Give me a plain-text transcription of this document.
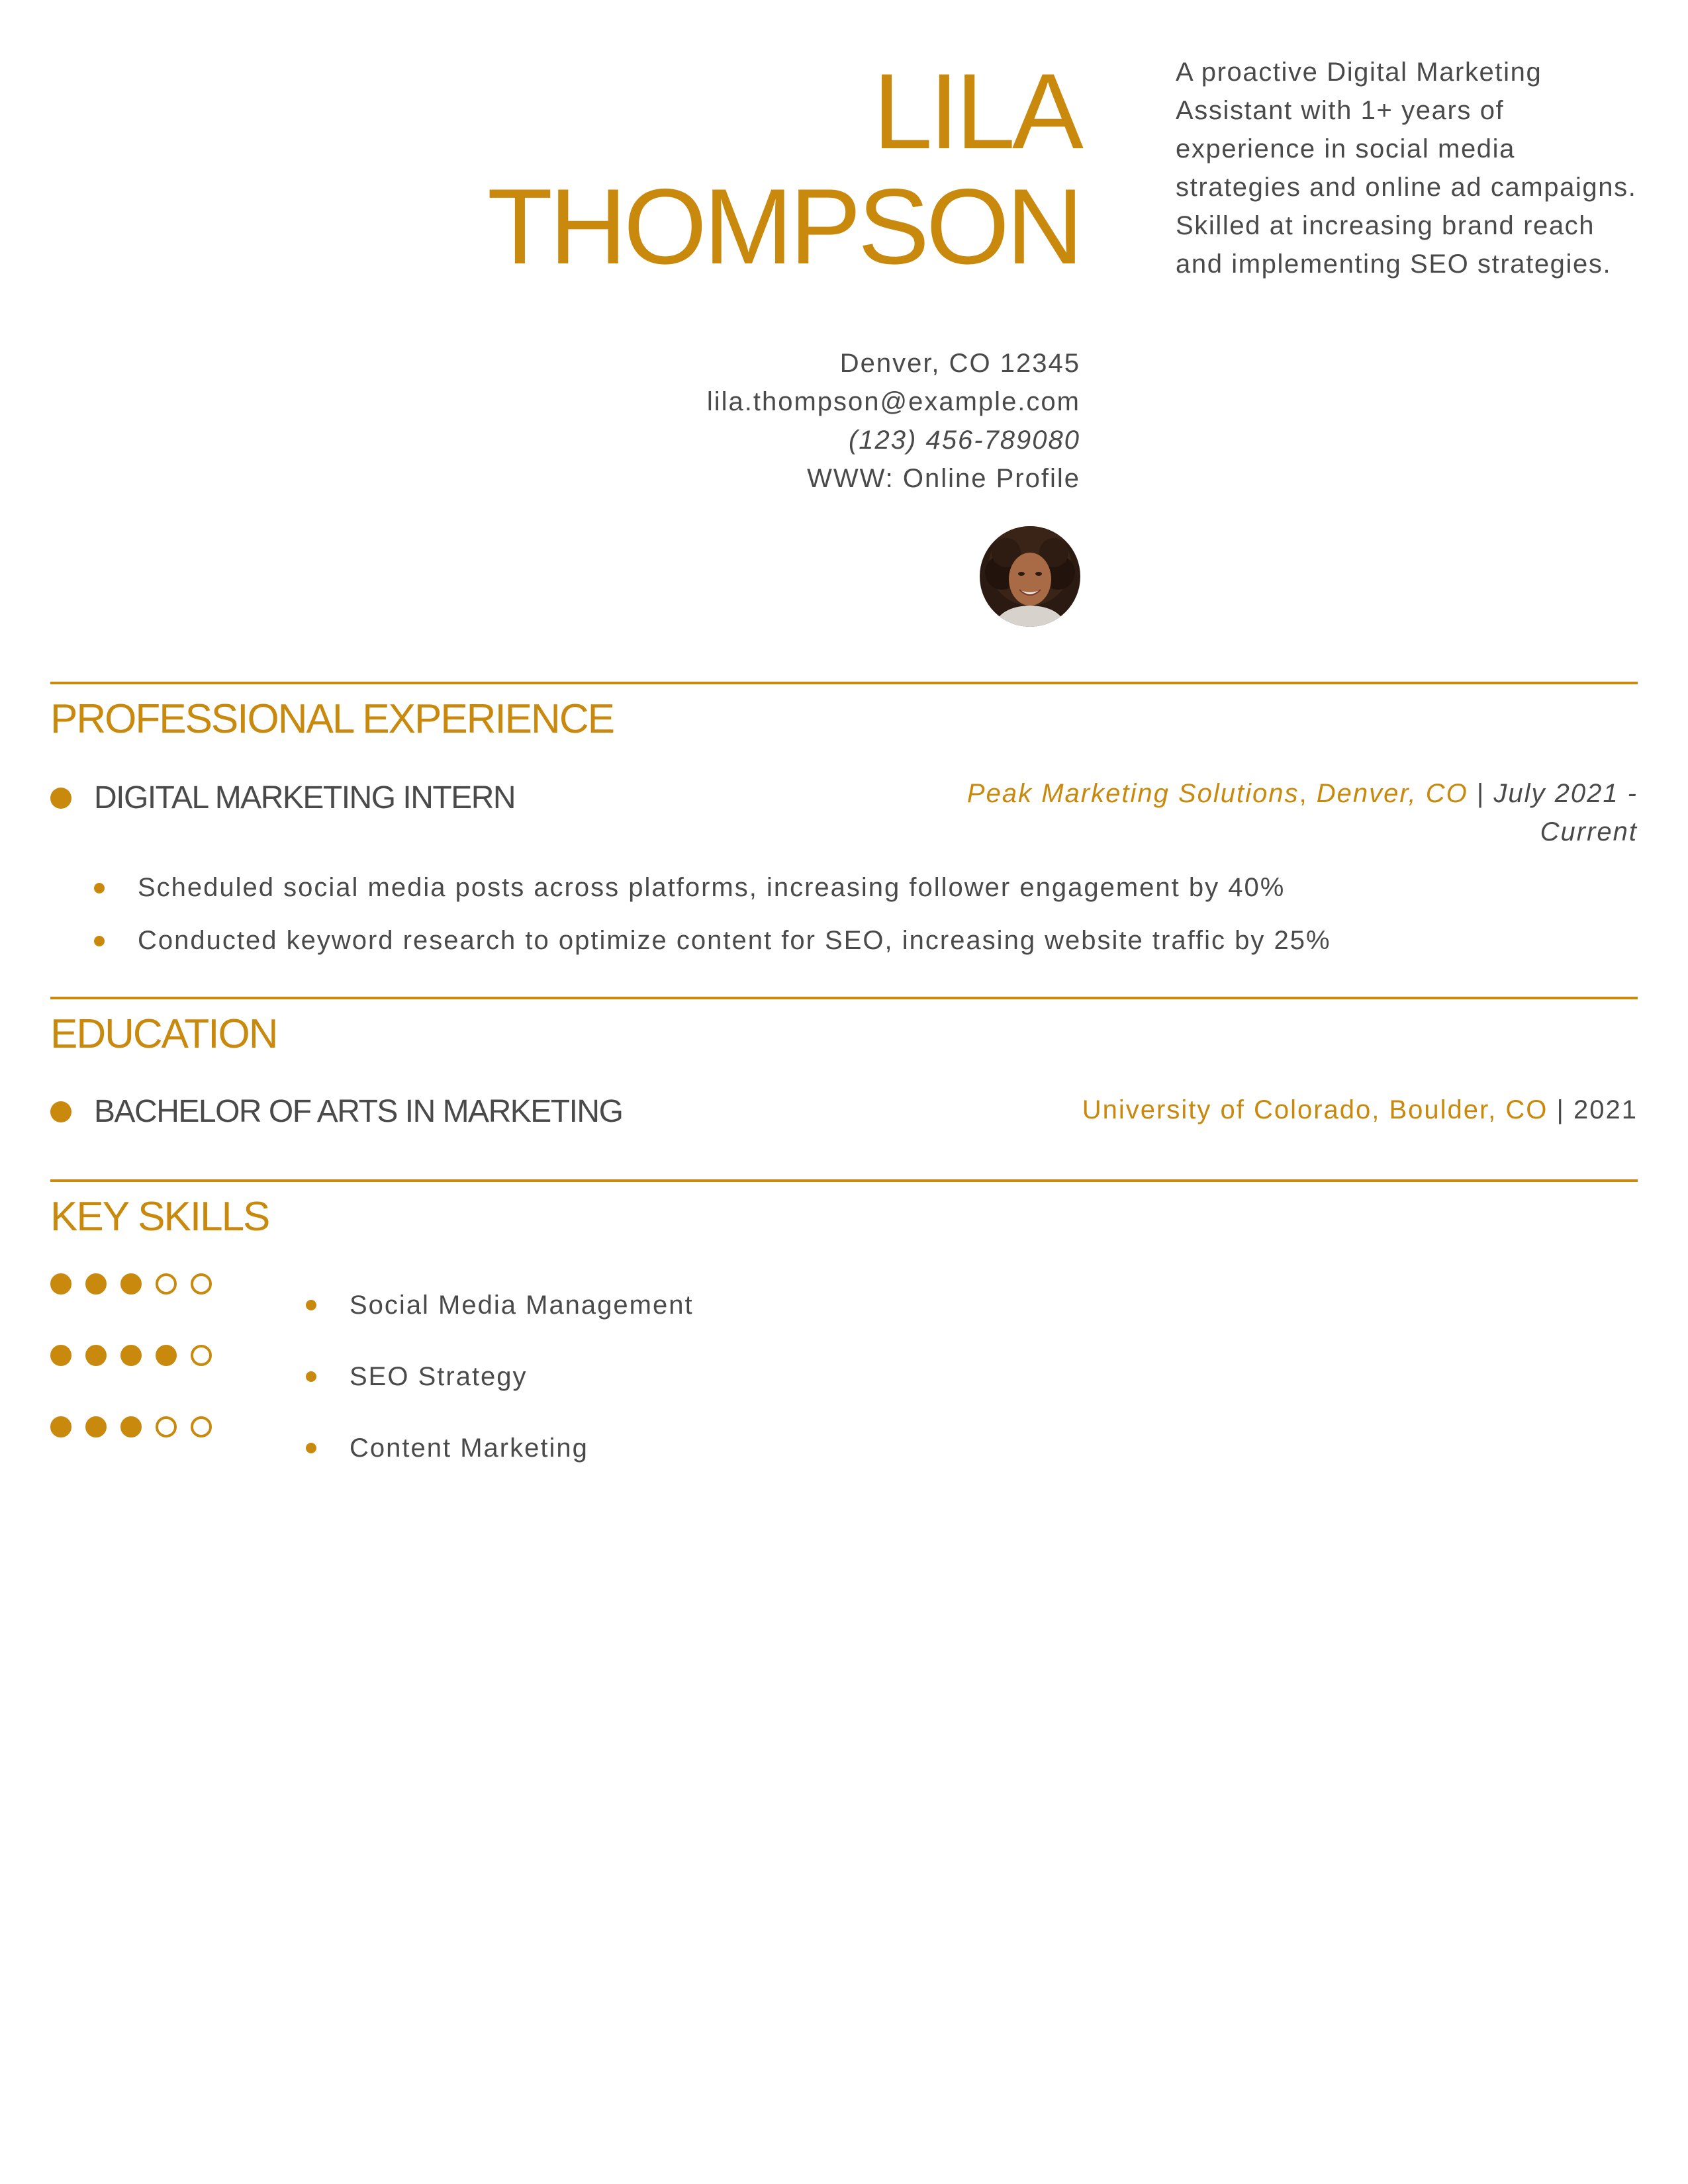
LILA
THOMPSON
A proactive Digital Marketing Assistant with 1+ years of experience in social media strategies and online ad campaigns. Skilled at increasing brand reach and implementing SEO strategies.
Denver, CO 12345
lila.thompson@example.com
(123) 456-789080
WWW: Online Profile
PROFESSIONAL EXPERIENCE
DIGITAL MARKETING INTERN	Peak Marketing Solutions, Denver, CO | July 2021 -
Current
Scheduled social media posts across platforms, increasing follower engagement by 40%
Conducted keyword research to optimize content for SEO, increasing website traffic by 25%
EDUCATION
BACHELOR OF ARTS IN MARKETING	University of Colorado, Boulder, CO | 2021
KEY SKILLS
Social Media Management
SEO Strategy
Content Marketing
